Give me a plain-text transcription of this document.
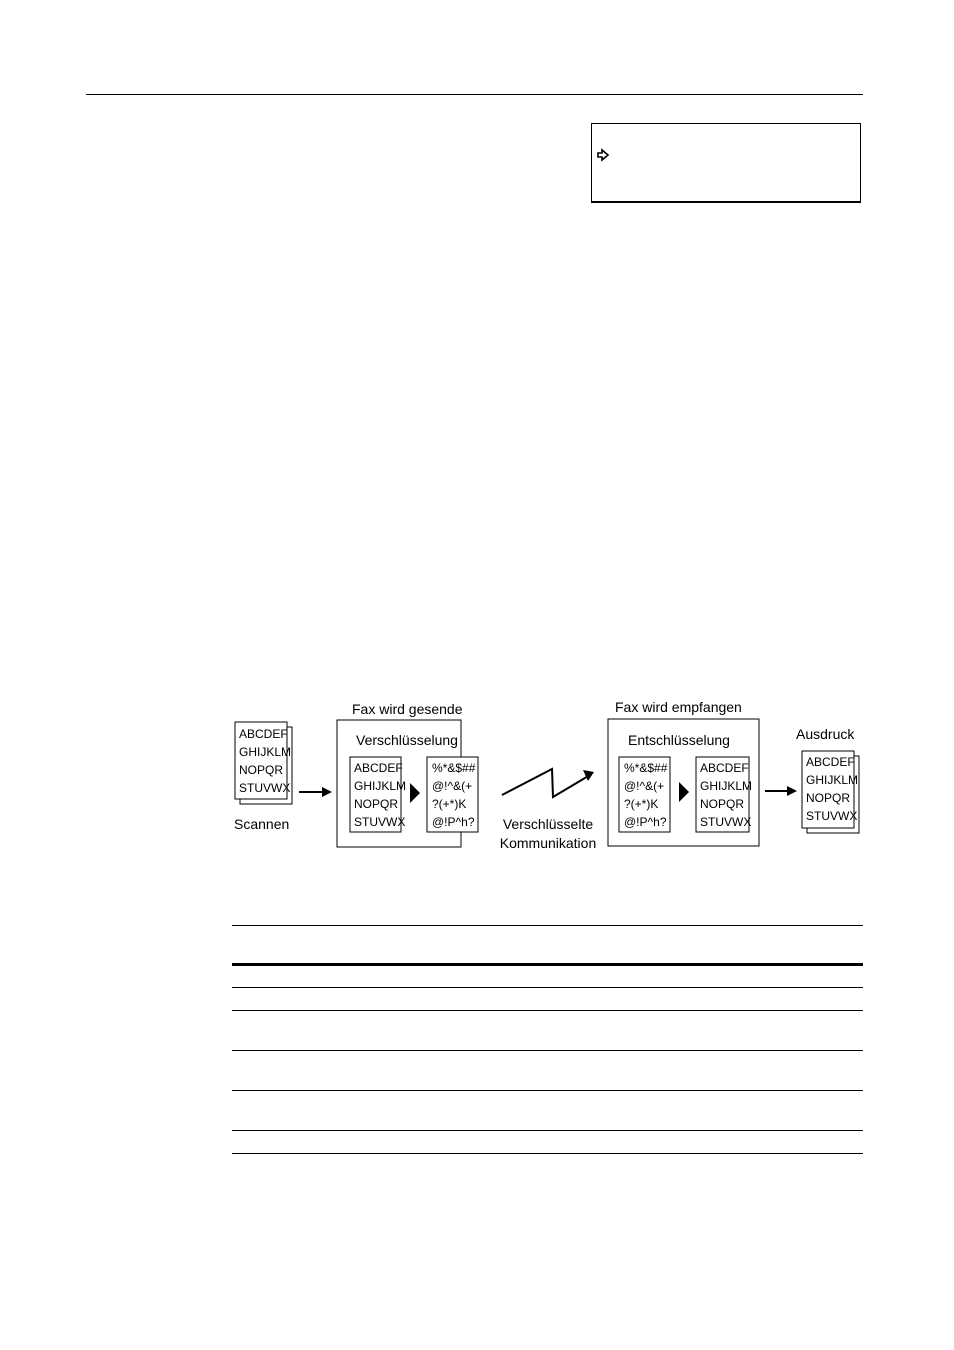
ABCDEF
GHIJKLM
NOPQR
STUVWX
Scannen
Fax wird gesende
Verschlüsselung
ABCDEF
GHIJKLM
NOPQR
STUVWX
%*&$##
@!^&(+
?(+*)K
@!P^h? Verschlüsselte
Kommunikation
Fax wird empfangen
Entschlüsselung
%*&$##
@!^&(+
?(+*)K
@!P^h?
ABCDEF
GHIJKLM
NOPQR
STUVWX
Ausdruck
ABCDEF
GHIJKLM
NOPQR
STUVWX
